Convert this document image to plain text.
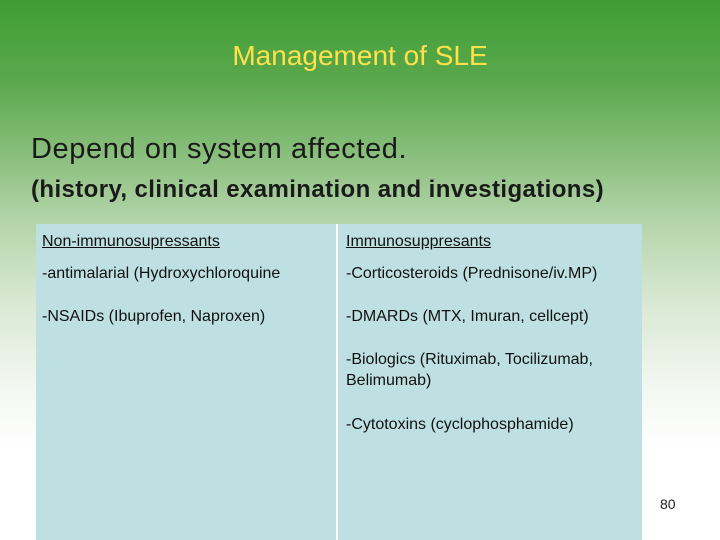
Management of SLE
Depend on system affected.
(history, clinical examination and investigations)
Non-immunosupressants
-antimalarial (Hydroxychloroquine
-NSAIDs (Ibuprofen, Naproxen)
Immunosuppresants
-Corticosteroids (Prednisone/iv.MP)
-DMARDs (MTX, Imuran, cellcept)
-Biologics (Rituximab, Tocilizumab, Belimumab)
-Cytotoxins (cyclophosphamide)
80
